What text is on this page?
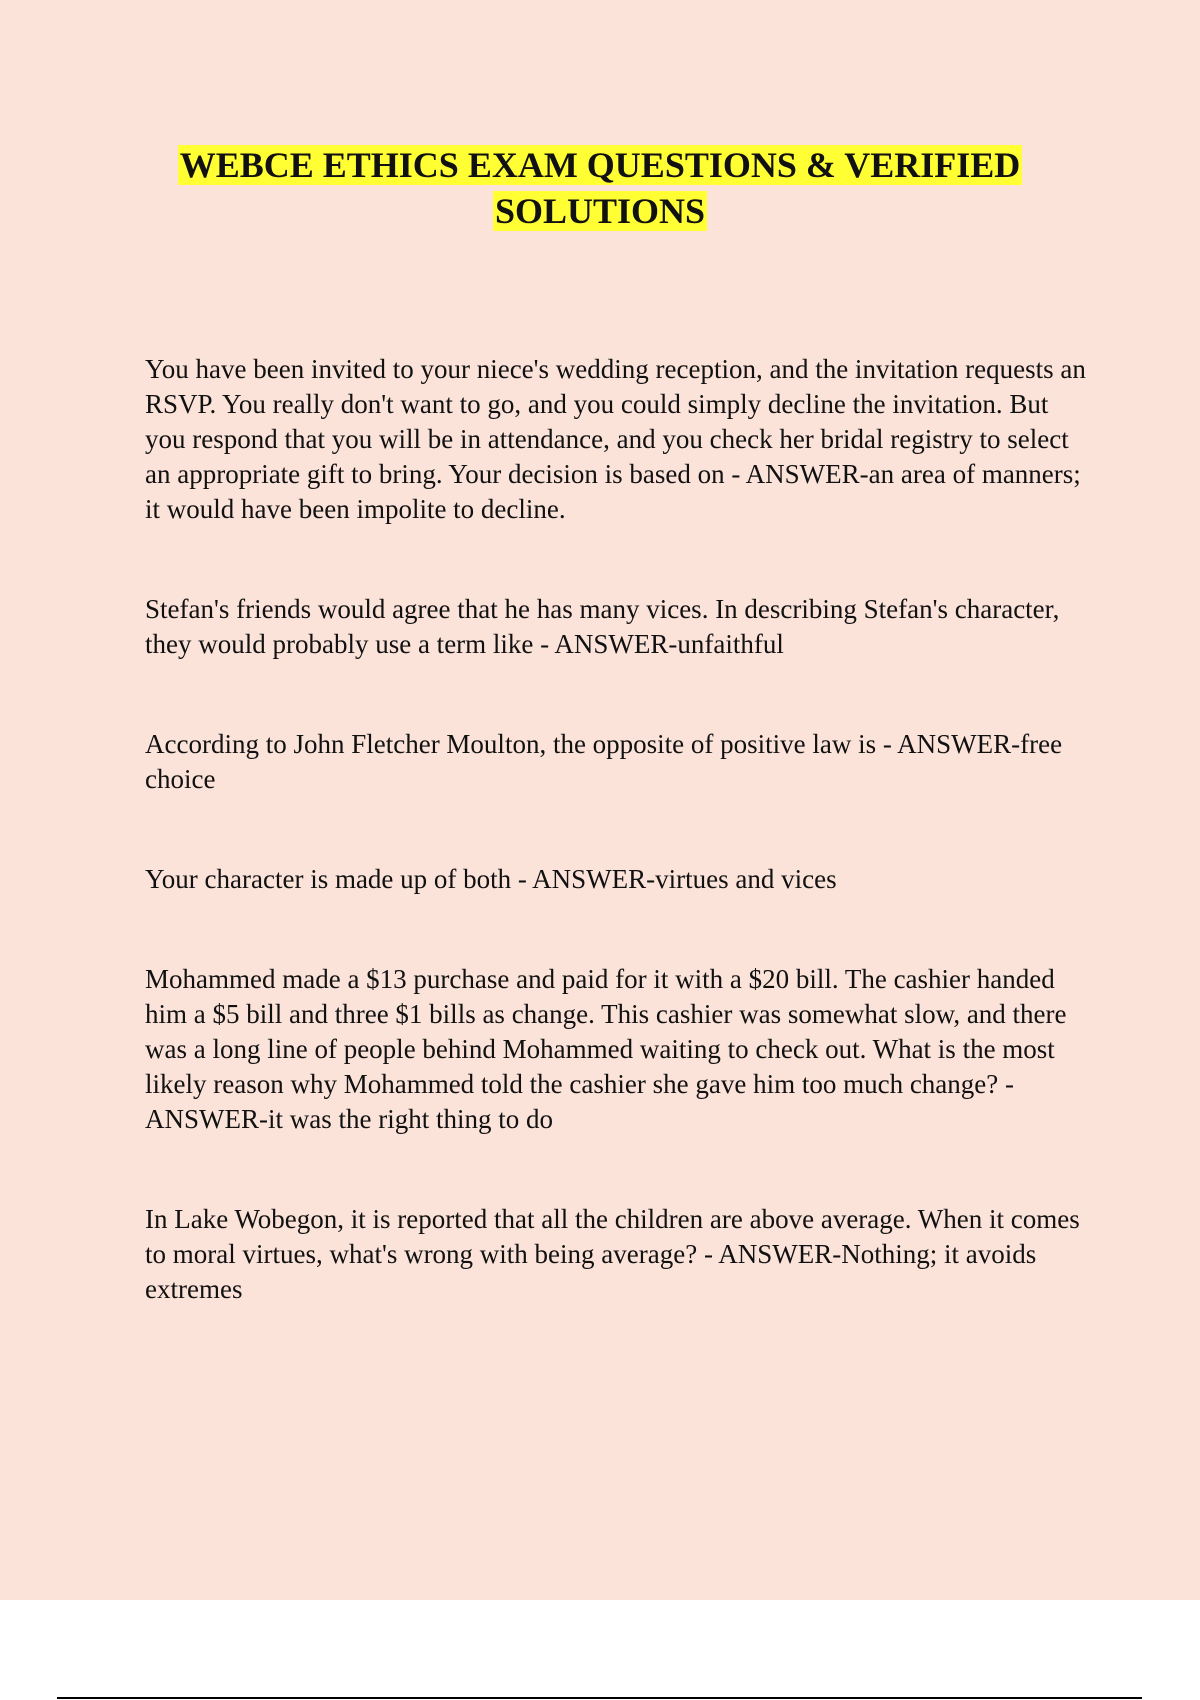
WEBCE ETHICS EXAM QUESTIONS & VERIFIED
SOLUTIONS

You have been invited to your niece's wedding reception, and the invitation requests an RSVP. You really don't want to go, and you could simply decline the invitation. But you respond that you will be in attendance, and you check her bridal registry to select an appropriate gift to bring. Your decision is based on - ANSWER-an area of manners; it would have been impolite to decline.

Stefan's friends would agree that he has many vices. In describing Stefan's character, they would probably use a term like - ANSWER-unfaithful

According to John Fletcher Moulton, the opposite of positive law is - ANSWER-free choice

Your character is made up of both - ANSWER-virtues and vices

Mohammed made a $13 purchase and paid for it with a $20 bill. The cashier handed him a $5 bill and three $1 bills as change. This cashier was somewhat slow, and there was a long line of people behind Mohammed waiting to check out. What is the most likely reason why Mohammed told the cashier she gave him too much change? - ANSWER-it was the right thing to do

In Lake Wobegon, it is reported that all the children are above average. When it comes to moral virtues, what's wrong with being average? - ANSWER-Nothing; it avoids extremes
